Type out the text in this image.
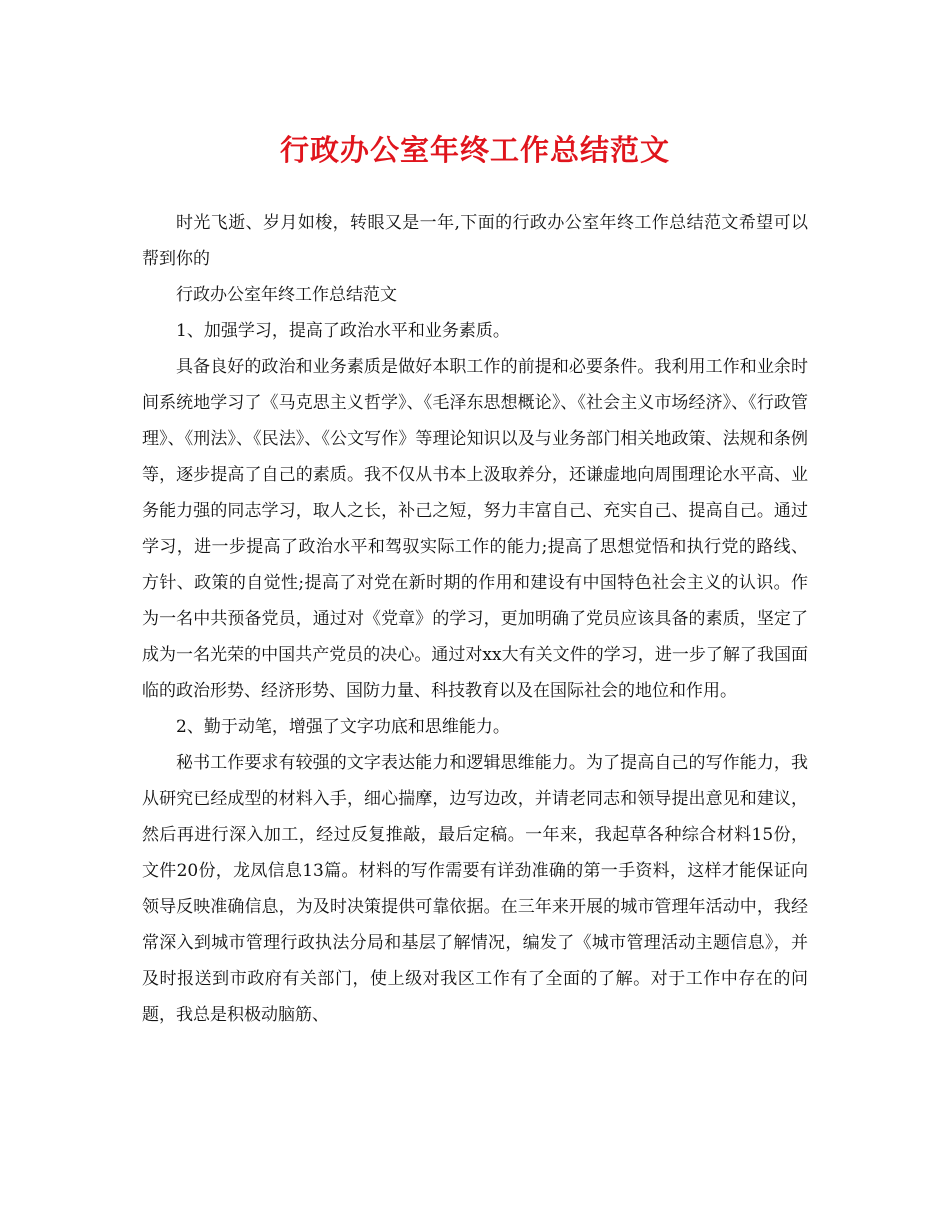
行政办公室年终工作总结范文

时光飞逝、岁月如梭，转眼又是一年,下面的行政办公室年终工作总结范文希望可以帮到你的

行政办公室年终工作总结范文

1、加强学习，提高了政治水平和业务素质。

具备良好的政治和业务素质是做好本职工作的前提和必要条件。我利用工作和业余时间系统地学习了《马克思主义哲学》、《毛泽东思想概论》、《社会主义市场经济》、《行政管理》、《刑法》、《民法》、《公文写作》等理论知识以及与业务部门相关地政策、法规和条例等，逐步提高了自己的素质。我不仅从书本上汲取养分，还谦虚地向周围理论水平高、业务能力强的同志学习，取人之长，补己之短，努力丰富自己、充实自己、提高自己。通过学习，进一步提高了政治水平和驾驭实际工作的能力;提高了思想觉悟和执行党的路线、方针、政策的自觉性;提高了对党在新时期的作用和建设有中国特色社会主义的认识。作为一名中共预备党员，通过对《党章》的学习，更加明确了党员应该具备的素质，坚定了成为一名光荣的中国共产党员的决心。通过对xx大有关文件的学习，进一步了解了我国面临的政治形势、经济形势、国防力量、科技教育以及在国际社会的地位和作用。

2、勤于动笔，增强了文字功底和思维能力。

秘书工作要求有较强的文字表达能力和逻辑思维能力。为了提高自己的写作能力，我从研究已经成型的材料入手，细心揣摩，边写边改，并请老同志和领导提出意见和建议，然后再进行深入加工，经过反复推敲，最后定稿。一年来，我起草各种综合材料15份，文件20份，龙凤信息13篇。材料的写作需要有详劲准确的第一手资料，这样才能保证向领导反映准确信息，为及时决策提供可靠依据。在三年来开展的城市管理年活动中，我经常深入到城市管理行政执法分局和基层了解情况，编发了《城市管理活动主题信息》，并及时报送到市政府有关部门，使上级对我区工作有了全面的了解。对于工作中存在的问题，我总是积极动脑筋、
